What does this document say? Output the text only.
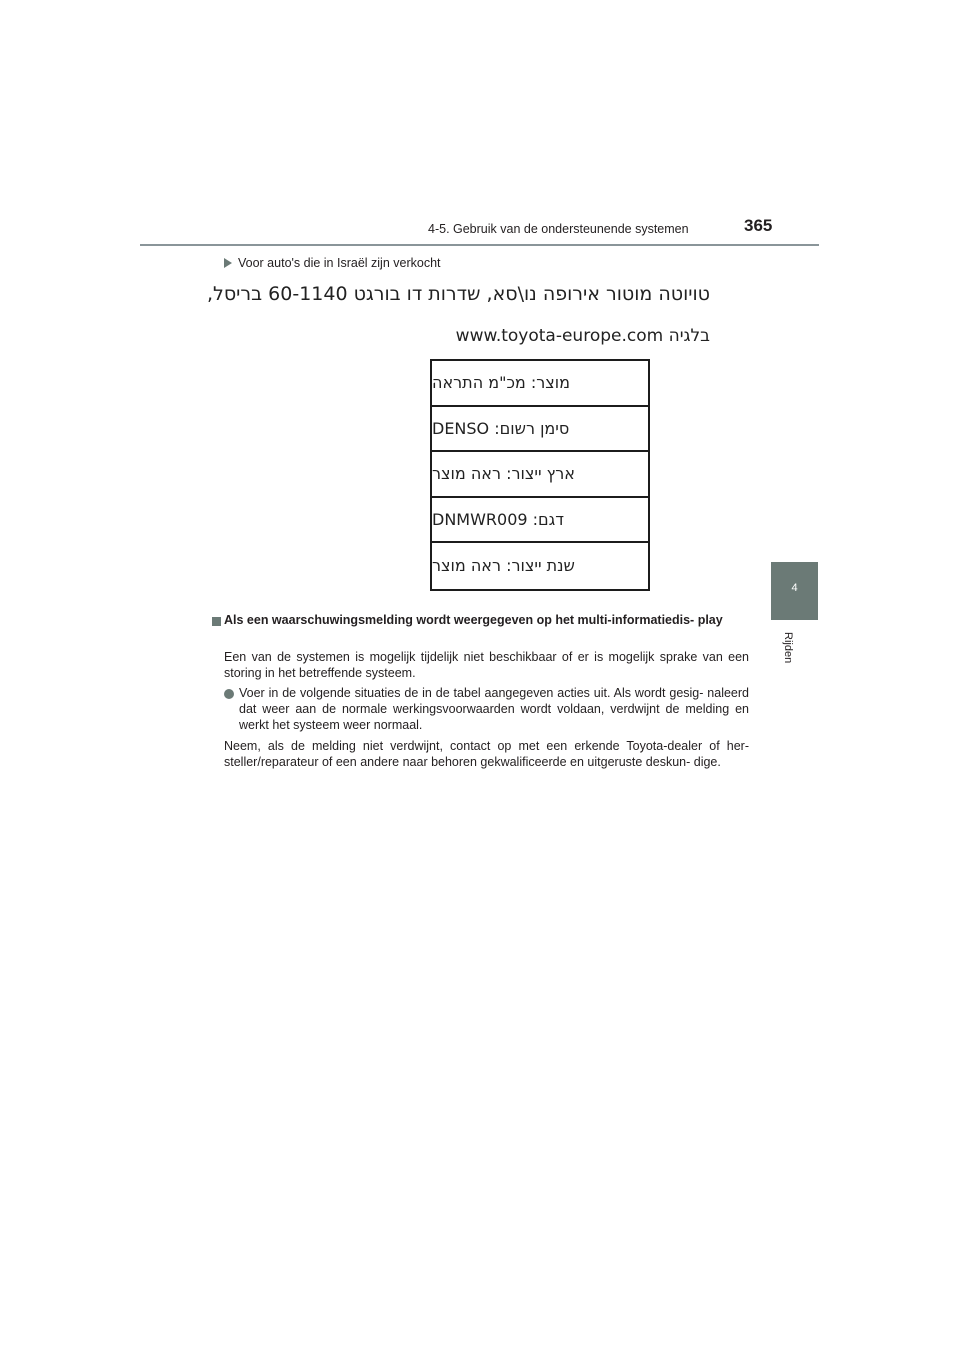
4-5. Gebruik van de ondersteunende systemen	365
4
Rijden
Voor auto's die in Israël zijn verkocht
טויוטה מוטור אירופה נו\סא, שדרות דו בורגט 60-1140 בריסל,
בלגיה www.toyota-europe.com
מוצר: מכ"מ התראה
סימן רשום: DENSO
ארץ ייצור: ראה מוצר
דגם: DNMWR009
שנת ייצור: ראה מוצר
Als een waarschuwingsmelding wordt weergegeven op het multi-informatiedis- play
Een van de systemen is mogelijk tijdelijk niet beschikbaar of er is mogelijk sprake van een storing in het betreffende systeem.
Voer in de volgende situaties de in de tabel aangegeven acties uit. Als wordt gesig- naleerd dat weer aan de normale werkingsvoorwaarden wordt voldaan, verdwijnt de melding en werkt het systeem weer normaal.
Neem, als de melding niet verdwijnt, contact op met een erkende Toyota-dealer of her- steller/reparateur of een andere naar behoren gekwalificeerde en uitgeruste deskun- dige.
